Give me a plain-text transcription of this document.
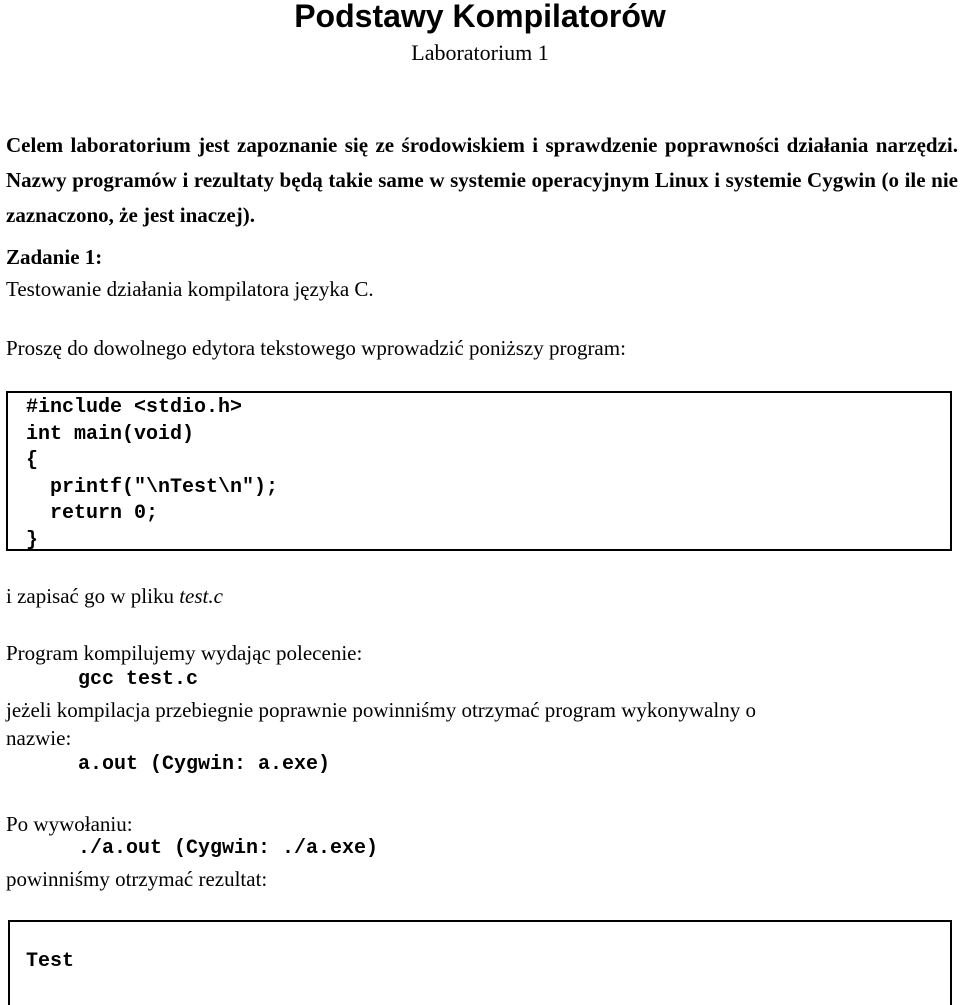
Podstawy Kompilatorów
Laboratorium 1
Celem laboratorium jest zapoznanie się ze środowiskiem i sprawdzenie poprawności działania narzędzi. Nazwy programów i rezultaty będą takie same w systemie operacyjnym Linux i systemie Cygwin (o ile nie zaznaczono, że jest inaczej).
Zadanie 1:
Testowanie działania kompilatora języka C.
Proszę do dowolnego edytora tekstowego wprowadzić poniższy program:
#include <stdio.h>
int main(void)
{
printf("\nTest\n");
return 0;
}
i zapisać go w pliku test.c
Program kompilujemy wydając polecenie:
gcc test.c
jeżeli kompilacja przebiegnie poprawnie powinniśmy otrzymać program wykonywalny o
nazwie:
a.out (Cygwin: a.exe)
Po wywołaniu:
./a.out (Cygwin: ./a.exe)
powinniśmy otrzymać rezultat:
Test
